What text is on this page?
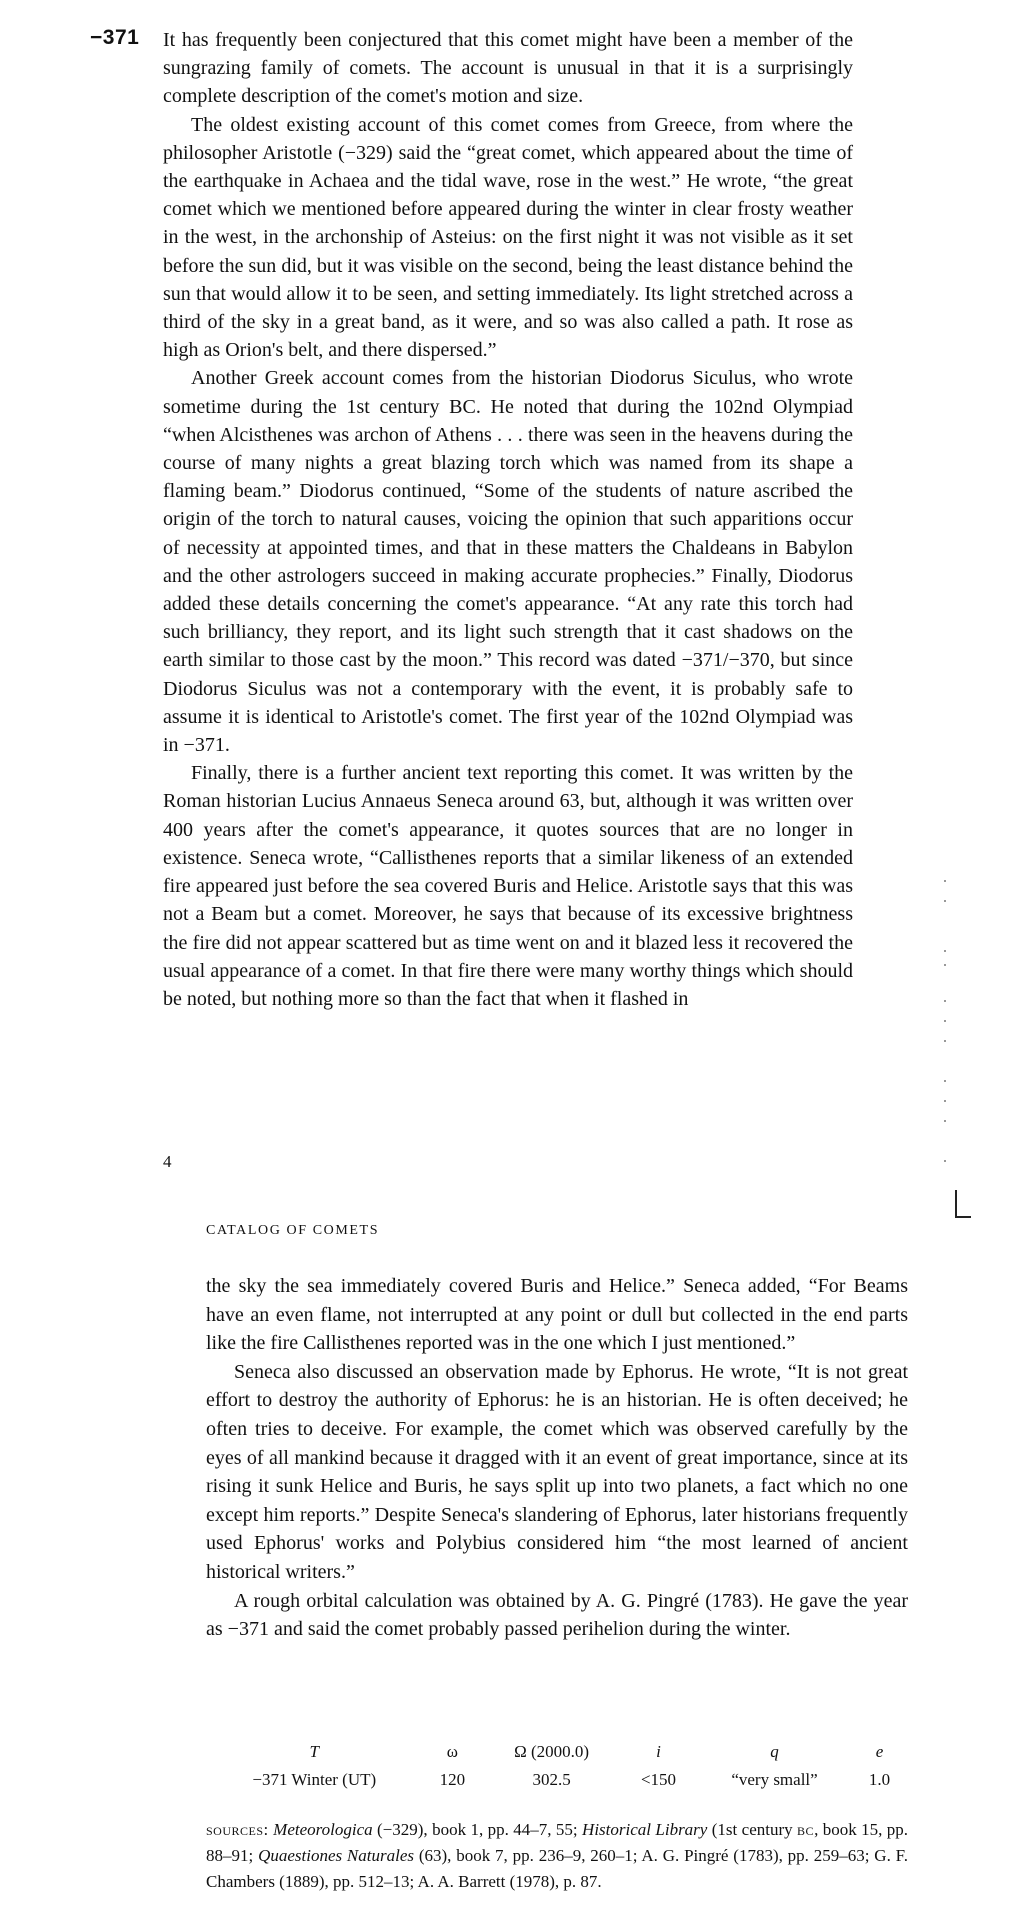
−371 It has frequently been conjectured that this comet might have been a member of the sungrazing family of comets. The account is unusual in that it is a surprisingly complete description of the comet's motion and size.

The oldest existing account of this comet comes from Greece, from where the philosopher Aristotle (−329) said the “great comet, which appeared about the time of the earthquake in Achaea and the tidal wave, rose in the west.” He wrote, “the great comet which we mentioned before appeared during the winter in clear frosty weather in the west, in the archonship of Asteius: on the first night it was not visible as it set before the sun did, but it was visible on the second, being the least distance behind the sun that would allow it to be seen, and setting immediately. Its light stretched across a third of the sky in a great band, as it were, and so was also called a path. It rose as high as Orion's belt, and there dispersed.”

Another Greek account comes from the historian Diodorus Siculus, who wrote sometime during the 1st century BC. He noted that during the 102nd Olympiad “when Alcisthenes was archon of Athens . . . there was seen in the heavens during the course of many nights a great blazing torch which was named from its shape a flaming beam.” Diodorus continued, “Some of the students of nature ascribed the origin of the torch to natural causes, voicing the opinion that such apparitions occur of necessity at appointed times, and that in these matters the Chaldeans in Babylon and the other astrologers succeed in making accurate prophecies.” Finally, Diodorus added these details concerning the comet's appearance. “At any rate this torch had such brilliancy, they report, and its light such strength that it cast shadows on the earth similar to those cast by the moon.” This record was dated −371/−370, but since Diodorus Siculus was not a contemporary with the event, it is probably safe to assume it is identical to Aristotle's comet. The first year of the 102nd Olympiad was in −371.

Finally, there is a further ancient text reporting this comet. It was written by the Roman historian Lucius Annaeus Seneca around 63, but, although it was written over 400 years after the comet's appearance, it quotes sources that are no longer in existence. Seneca wrote, “Callisthenes reports that a similar likeness of an extended fire appeared just before the sea covered Buris and Helice. Aristotle says that this was not a Beam but a comet. Moreover, he says that because of its excessive brightness the fire did not appear scattered but as time went on and it blazed less it recovered the usual appearance of a comet. In that fire there were many worthy things which should be noted, but nothing more so than the fact that when it flashed in

4
CATALOG OF COMETS

the sky the sea immediately covered Buris and Helice.” Seneca added, “For Beams have an even flame, not interrupted at any point or dull but collected in the end parts like the fire Callisthenes reported was in the one which I just mentioned.”

Seneca also discussed an observation made by Ephorus. He wrote, “It is not great effort to destroy the authority of Ephorus: he is an historian. He is often deceived; he often tries to deceive. For example, the comet which was observed carefully by the eyes of all mankind because it dragged with it an event of great importance, since at its rising it sunk Helice and Buris, he says split up into two planets, a fact which no one except him reports.” Despite Seneca's slandering of Ephorus, later historians frequently used Ephorus' works and Polybius considered him “the most learned of ancient historical writers.”

A rough orbital calculation was obtained by A. G. Pingré (1783). He gave the year as −371 and said the comet probably passed perihelion during the winter.

T	ω	Ω (2000.0)	i	q	e
−371 Winter (UT)	120	302.5	<150	“very small”	1.0
sources: Meteorologica (−329), book 1, pp. 44–7, 55; Historical Library (1st century bc, book 15, pp. 88–91; Quaestiones Naturales (63), book 7, pp. 236–9, 260–1; A. G. Pingré (1783), pp. 259–63; G. F. Chambers (1889), pp. 512–13; A. A. Barrett (1978), p. 87.
